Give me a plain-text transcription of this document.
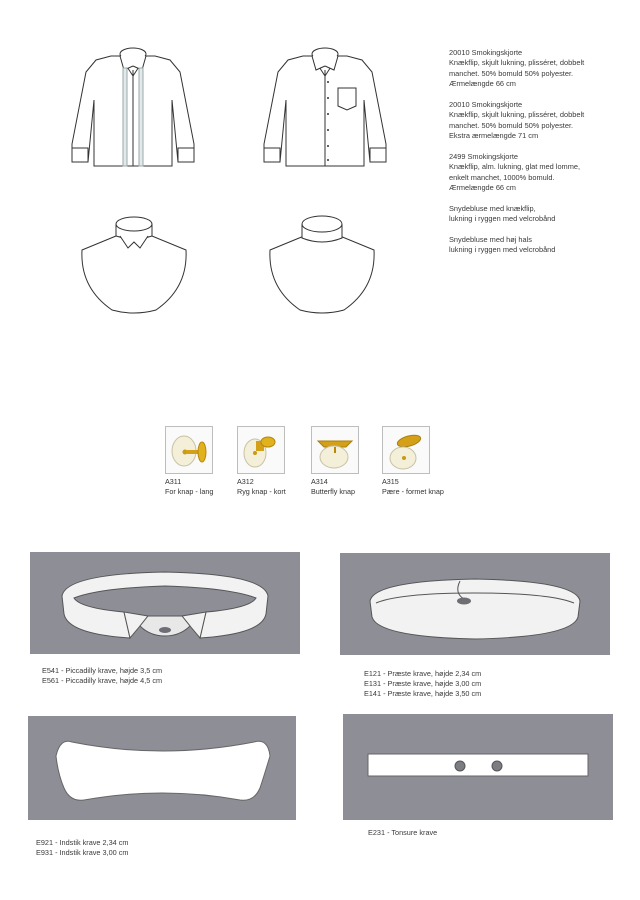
20010 Smokingskjorte
Knækflip, skjult lukning, plisséret, dobbelt
manchet. 50% bomuld 50% polyester.
Ærmelængde 66 cm
20010 Smokingskjorte
Knækflip, skjult lukning, plisséret, dobbelt
manchet. 50% bomuld 50% polyester.
Ekstra ærmelængde 71 cm
2499 Smokingskjorte
Knækflip, alm. lukning, glat med lomme,
enkelt manchet, 1000% bomuld.
Ærmelængde 66 cm
Snydebluse med knækflip,
lukning i ryggen med velcrobånd
Snydebluse med høj hals
lukning i ryggen med velcrobånd
A311
For knap - lang
A312
Ryg knap - kort
A314
Butterfly knap
A315
Pære - formet knap
E541 - Piccadilly krave, højde 3,5 cm
E561 - Piccadilly krave, højde 4,5 cm
E121 - Præste krave, højde 2,34 cm
E131 - Præste krave, højde 3,00 cm
E141 - Præste krave, højde 3,50 cm
E921 - Indstik krave 2,34 cm
E931 - Indstik krave 3,00 cm
E231 - Tonsure krave
